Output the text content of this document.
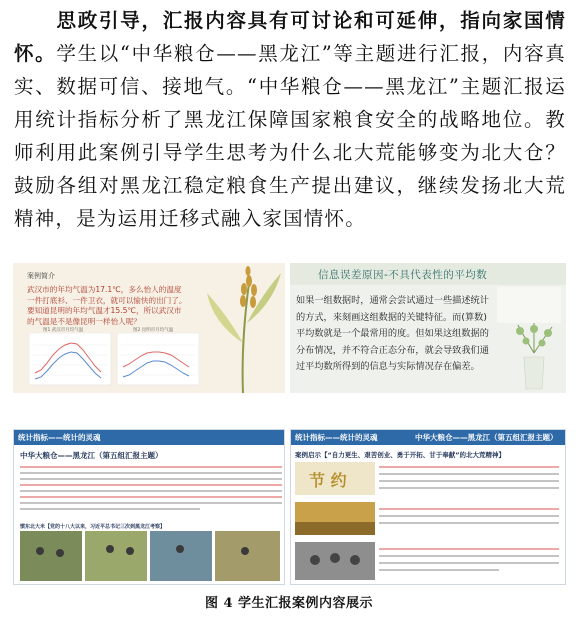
思政引导，汇报内容具有可讨论和可延伸，指向家国情怀。学生以“中华粮仓——黑龙江”等主题进行汇报，内容真实、数据可信、接地气。“中华粮仓——黑龙江”主题汇报运用统计指标分析了黑龙江保障国家粮食安全的战略地位。教师利用此案例引导学生思考为什么北大荒能够变为北大仓？鼓励各组对黑龙江稳定粮食生产提出建议，继续发扬北大荒精神，是为运用迁移式融入家国情怀。

案例简介
武汉市的年均气温为17.1℃，多么怡人的温度一件打底衫、一件卫衣，就可以愉快的出门了。要知道昆明的年均气温才15.5℃，所以武汉市的气温是不是像昆明一样怡人呢？
图1 武汉市月均气温	图2 昆明市月均气温
信息误差原因-不具代表性的平均数
如果一组数据时，通常会尝试通过一些描述统计的方式，来刻画这组数据的关键特征。而(算数)平均数就是一个最常用的度。但如果这组数据的分布情况，并不符合正态分布，就会导致我们通过平均数所得到的信息与实际情况存在偏差。
统计指标——统计的灵魂
中华大粮仓——黑龙江（第五组汇报主题）
惯东北大米【党的十八大以来，习近平总书记三次到黑龙江考察】
统计指标——统计的灵魂	中华大粮仓——黑龙江（第五组汇报主题）
案例启示【“自力更生、艰苦创业、勇于开拓、甘于奉献”的北大荒精神】
节 约
图 4 学生汇报案例内容展示
